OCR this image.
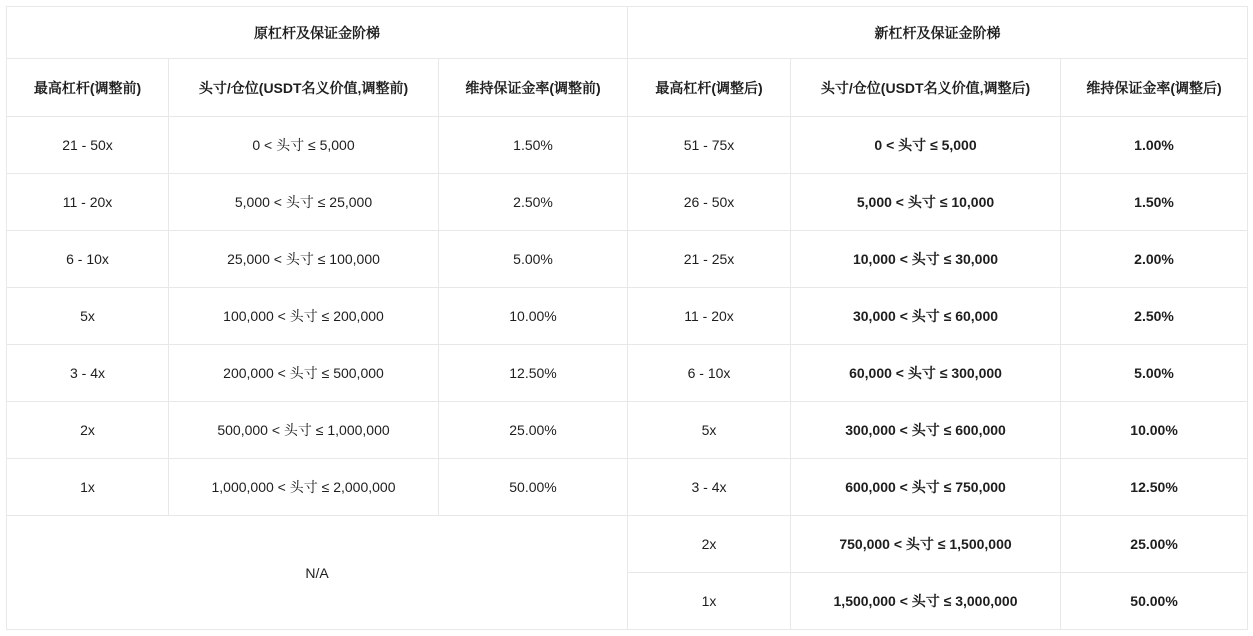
原杠杆及保证金阶梯			新杠杆及保证金阶梯		
最高杠杆(调整前)	头寸/仓位(USDT名义价值,调整前)	维持保证金率(调整前)	最高杠杆(调整后)	头寸/仓位(USDT名义价值,调整后)	维持保证金率(调整后)
21 - 50x	0 < 头寸 ≤ 5,000	1.50%	51 - 75x	0 < 头寸 ≤ 5,000	1.00%
11 - 20x	5,000 < 头寸 ≤ 25,000	2.50%	26 - 50x	5,000 < 头寸 ≤ 10,000	1.50%
6 - 10x	25,000 < 头寸 ≤ 100,000	5.00%	21 - 25x	10,000 < 头寸 ≤ 30,000	2.00%
5x	100,000 < 头寸 ≤ 200,000	10.00%	11 - 20x	30,000 < 头寸 ≤ 60,000	2.50%
3 - 4x	200,000 < 头寸 ≤ 500,000	12.50%	6 - 10x	60,000 < 头寸 ≤ 300,000	5.00%
2x	500,000 < 头寸 ≤ 1,000,000	25.00%	5x	300,000 < 头寸 ≤ 600,000	10.00%
1x	1,000,000 < 头寸 ≤ 2,000,000	50.00%	3 - 4x	600,000 < 头寸 ≤ 750,000	12.50%
N/A			2x	750,000 < 头寸 ≤ 1,500,000	25.00%
			1x	1,500,000 < 头寸 ≤ 3,000,000	50.00%
